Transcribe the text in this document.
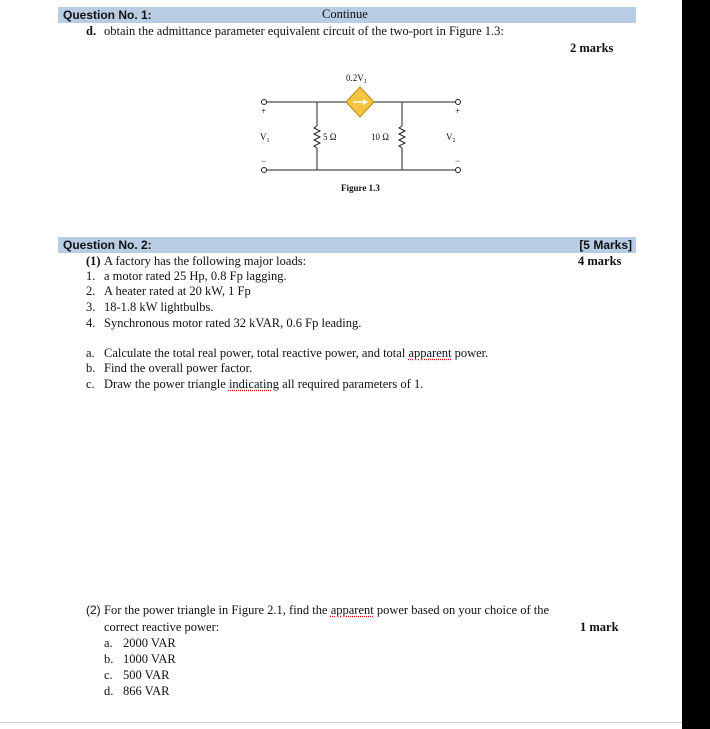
Question No. 1:	Continue
d. obtain the admittance parameter equivalent circuit of the two-port in Figure 1.3:
2 marks
$0.2V_1$
+
−
+
−
$V_1$	$V_2$
5 Ω	10 Ω
Figure 1.3
Question No. 2:	[5 Marks]
(1) A factory has the following major loads:	4 marks
1. a motor rated 25 Hp, 0.8 Fp lagging.
2. A heater rated at 20 kW, 1 Fp
3. 18-1.8 kW lightbulbs.
4. Synchronous motor rated 32 kVAR, 0.6 Fp leading.
a. Calculate the total real power, total reactive power, and total apparent power.
b. Find the overall power factor.
c. Draw the power triangle indicating all required parameters of 1.
(2) For the power triangle in Figure 2.1, find the apparent power based on your choice of the
correct reactive power:	1 mark
a. 2000 VAR
b. 1000 VAR
c. 500 VAR
d. 866 VAR
